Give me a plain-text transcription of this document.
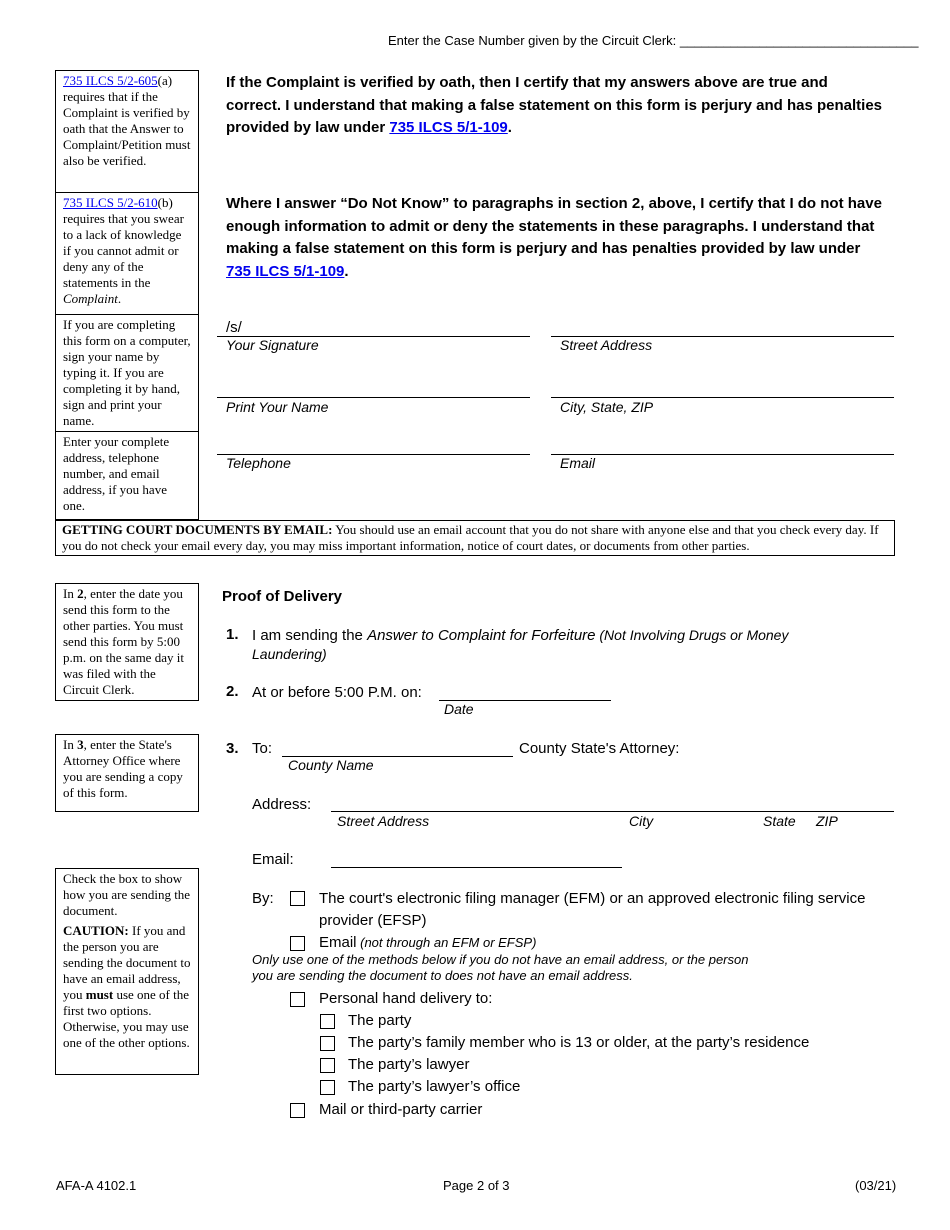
Enter the Case Number given by the Circuit Clerk: _________________________________
735 ILCS 5/2-605(a) requires that if the Complaint is verified by oath that the Answer to Complaint/Petition must also be verified.
735 ILCS 5/2-610(b) requires that you swear to a lack of knowledge if you cannot admit or deny any of the statements in the Complaint.
If you are completing this form on a computer, sign your name by typing it. If you are completing it by hand, sign and print your name.
Enter your complete address, telephone number, and email address, if you have one.
If the Complaint is verified by oath, then I certify that my answers above are true and correct. I understand that making a false statement on this form is perjury and has penalties provided by law under 735 ILCS 5/1-109.
Where I answer “Do Not Know” to paragraphs in section 2, above, I certify that I do not have enough information to admit or deny the statements in these paragraphs. I understand that making a false statement on this form is perjury and has penalties provided by law under 735 ILCS 5/1-109.
/s/
Your Signature	Street Address
Print Your Name	City, State, ZIP
Telephone	Email
GETTING COURT DOCUMENTS BY EMAIL: You should use an email account that you do not share with anyone else and that you check every day. If you do not check your email every day, you may miss important information, notice of court dates, or documents from other parties.
In 2, enter the date you send this form to the other parties. You must send this form by 5:00 p.m. on the same day it was filed with the Circuit Clerk.
In 3, enter the State's Attorney Office where you are sending a copy of this form.
Check the box to show how you are sending the document.
CAUTION: If you and the person you are sending the document to have an email address, you must use one of the first two options. Otherwise, you may use one of the other options.
Proof of Delivery
1. I am sending the Answer to Complaint for Forfeiture (Not Involving Drugs or Money Laundering)
2. At or before 5:00 P.M. on:
Date
3. To:
County Name
County State's Attorney:
Address:
Street Address	City	State ZIP
Email:
By:	The court's electronic filing manager (EFM) or an approved electronic filing service provider (EFSP)
Email (not through an EFM or EFSP)
Only use one of the methods below if you do not have an email address, or the person you are sending the document to does not have an email address.
Personal hand delivery to:
The party
The party’s family member who is 13 or older, at the party’s residence
The party’s lawyer
The party’s lawyer’s office
Mail or third-party carrier
AFA-A 4102.1	Page 2 of 3	(03/21)
